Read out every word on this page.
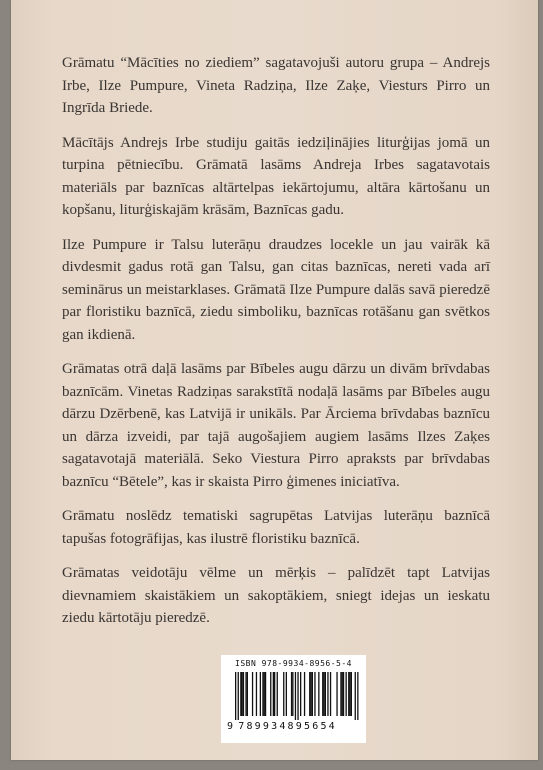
Grāmatu “Mācīties no ziediem” sagatavojuši autoru grupa – Andrejs Irbe, Ilze Pumpure, Vineta Radziņa, Ilze Zaķe, Viesturs Pirro un Ingrīda Briede.

Mācītājs Andrejs Irbe studiju gaitās iedziļinājies liturģijas jomā un turpina pētniecību. Grāmatā lasāms Andreja Irbes sagatavotais materiāls par baznīcas altārtelpas iekārtojumu, altāra kārtošanu un kopšanu, liturģiskajām krāsām, Baznīcas gadu.

Ilze Pumpure ir Talsu luterāņu draudzes locekle un jau vairāk kā divdesmit gadus rotā gan Talsu, gan citas baznīcas, nereti vada arī seminārus un meistarklases. Grāmatā Ilze Pumpure dalās savā pieredzē par floristiku baznīcā, ziedu simboliku, baznīcas rotāšanu gan svētkos gan ikdienā.

Grāmatas otrā daļā lasāms par Bībeles augu dārzu un divām brīvdabas baznīcām. Vinetas Radziņas sarakstītā nodaļā lasāms par Bībeles augu dārzu Dzērbenē, kas Latvijā ir unikāls. Par Ārciema brīvdabas baznīcu un dārza izveidi, par tajā augošajiem augiem lasāms Ilzes Zaķes sagatavotajā materiālā. Seko Viestura Pirro apraksts par brīvdabas baznīcu “Bētele”, kas ir skaista Pirro ģimenes iniciatīva.

Grāmatu noslēdz tematiski sagrupētas Latvijas luterāņu baznīcā tapušas fotogrāfijas, kas ilustrē floristiku baznīcā.

Grāmatas veidotāju vēlme un mērķis – palīdzēt tapt Latvijas dievnamiem skaistākiem un sakoptākiem, sniegt idejas un ieskatu ziedu kārtotāju pieredzē.

ISBN 978-9934-8956-5-4
9 789934895654
